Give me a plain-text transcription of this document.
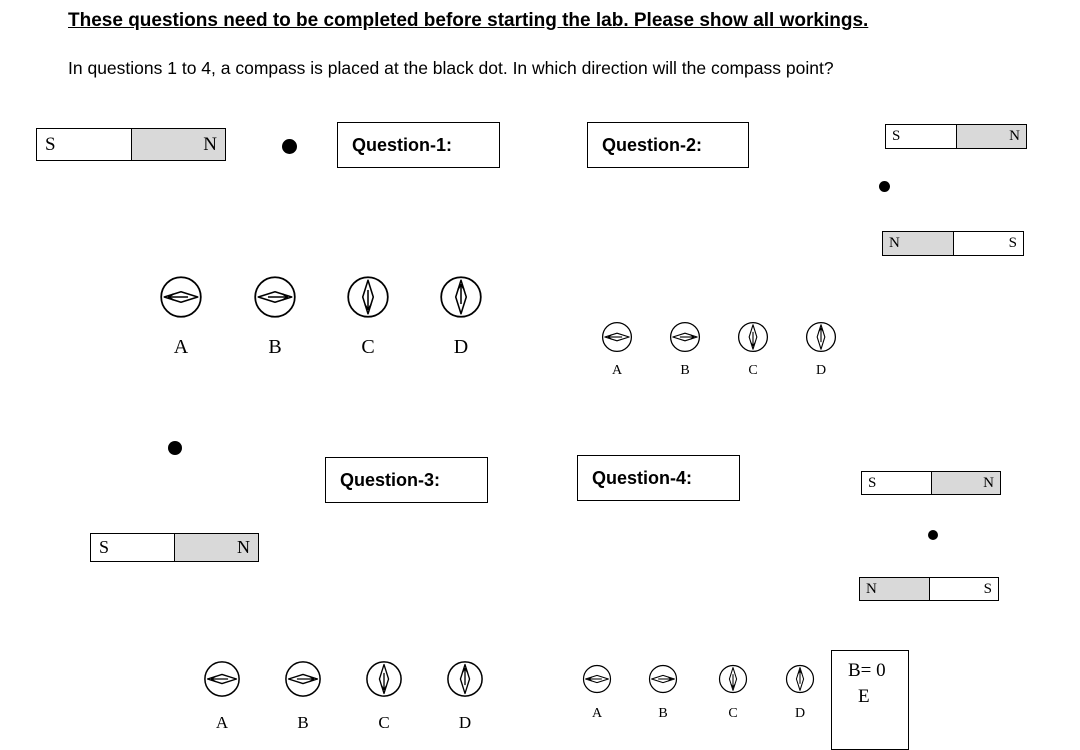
These questions need to be completed before starting the lab. Please show all workings.
In questions 1 to 4, a compass is placed at the black dot. In which direction will the compass point?
S	N	Question-1:
A	B	C	D
Question-2:	S	N
N	S
A	B	C	D
Question-3:
S	N
A	B	C	D
Question-4:	S	N
N	S
A	B	C	D
B= 0
E
